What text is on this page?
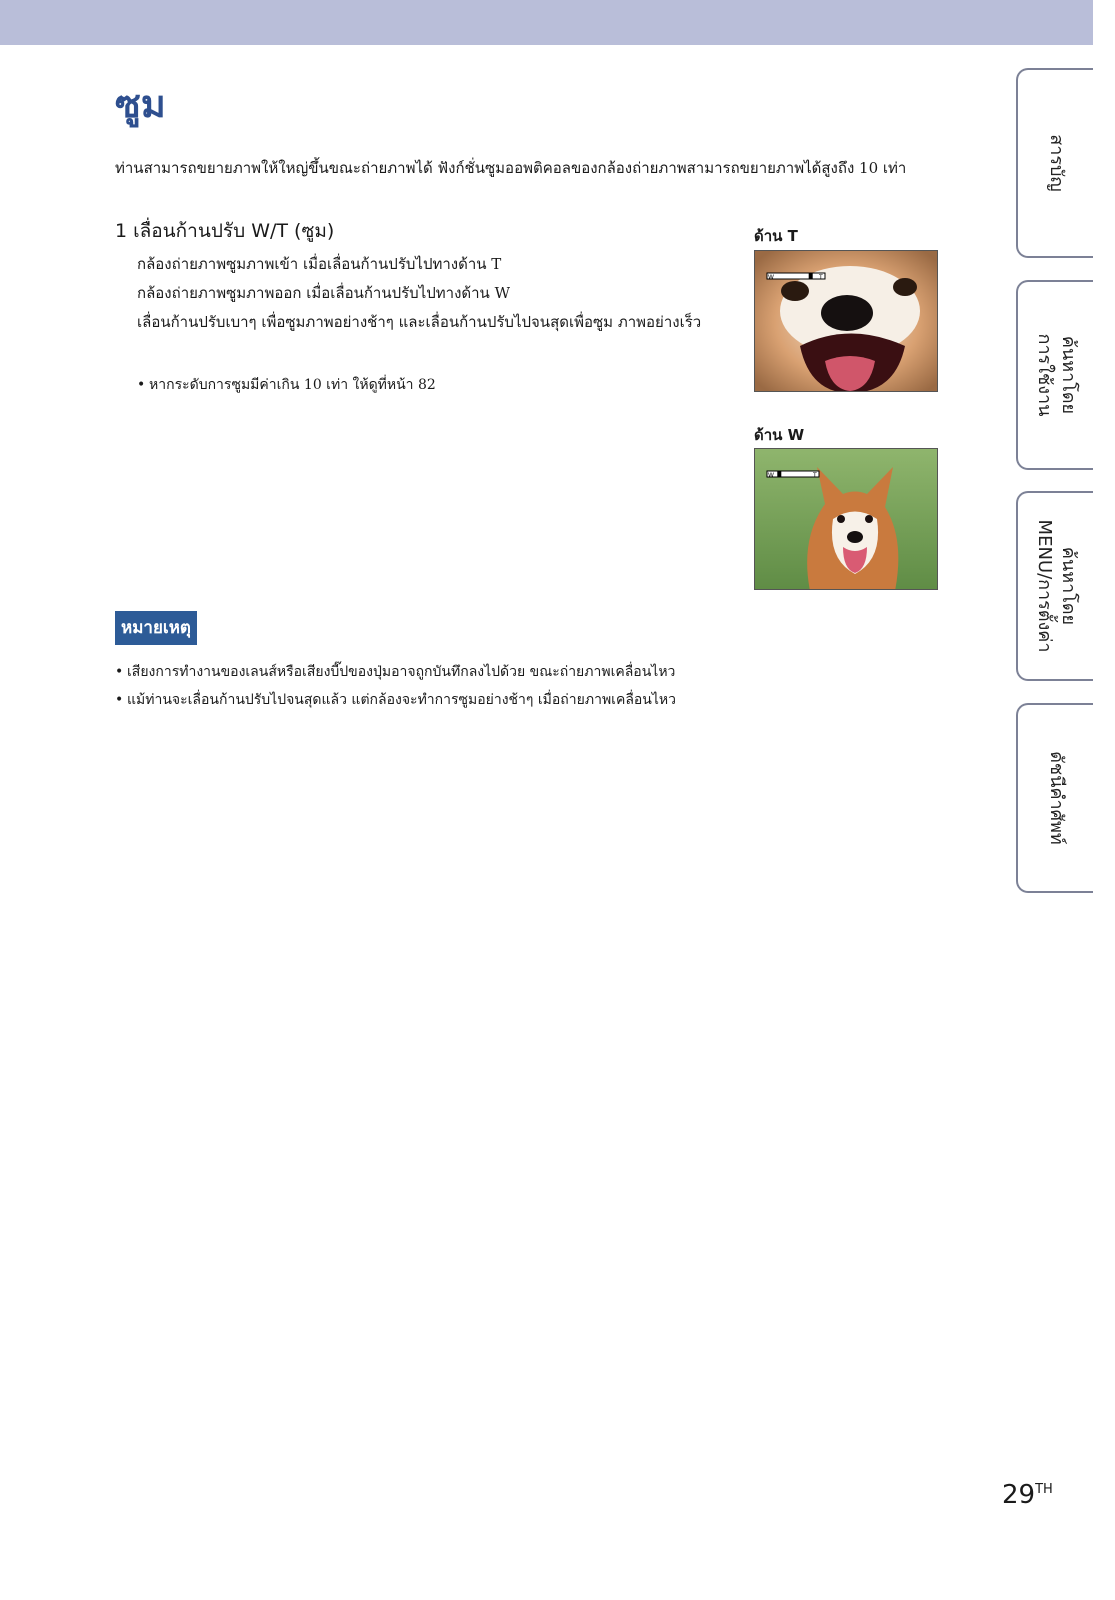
ซูม

ท่านสามารถขยายภาพให้ใหญ่ขึ้นขณะถ่ายภาพได้ ฟังก์ชั่นซูมออพติคอลของกล้องถ่ายภาพสามารถขยายภาพได้สูงถึง 10 เท่า

1 เลื่อนก้านปรับ W/T (ซูม)

กล้องถ่ายภาพซูมภาพเข้า เมื่อเลื่อนก้านปรับไปทางด้าน T

กล้องถ่ายภาพซูมภาพออก เมื่อเลื่อนก้านปรับไปทางด้าน W

เลื่อนก้านปรับเบาๆ เพื่อซูมภาพอย่างช้าๆ และเลื่อนก้านปรับไปจนสุดเพื่อซูม ภาพอย่างเร็ว

• หากระดับการซูมมีค่าเกิน 10 เท่า ให้ดูที่หน้า 82
ด้าน T
W	T
ด้าน W
W	T
หมายเหตุ
• เสียงการทำงานของเลนส์หรือเสียงบี๊ปของปุ่มอาจถูกบันทึกลงไปด้วย ขณะถ่ายภาพเคลื่อนไหว
• แม้ท่านจะเลื่อนก้านปรับไปจนสุดแล้ว แต่กล้องจะทำการซูมอย่างช้าๆ เมื่อถ่ายภาพเคลื่อนไหว
สารบัญ
ค้นหาโดย
การใช้งาน
ค้นหาโดย
MENU/การตั้งค่า
ดัชนีคำศัพท์
29TH
